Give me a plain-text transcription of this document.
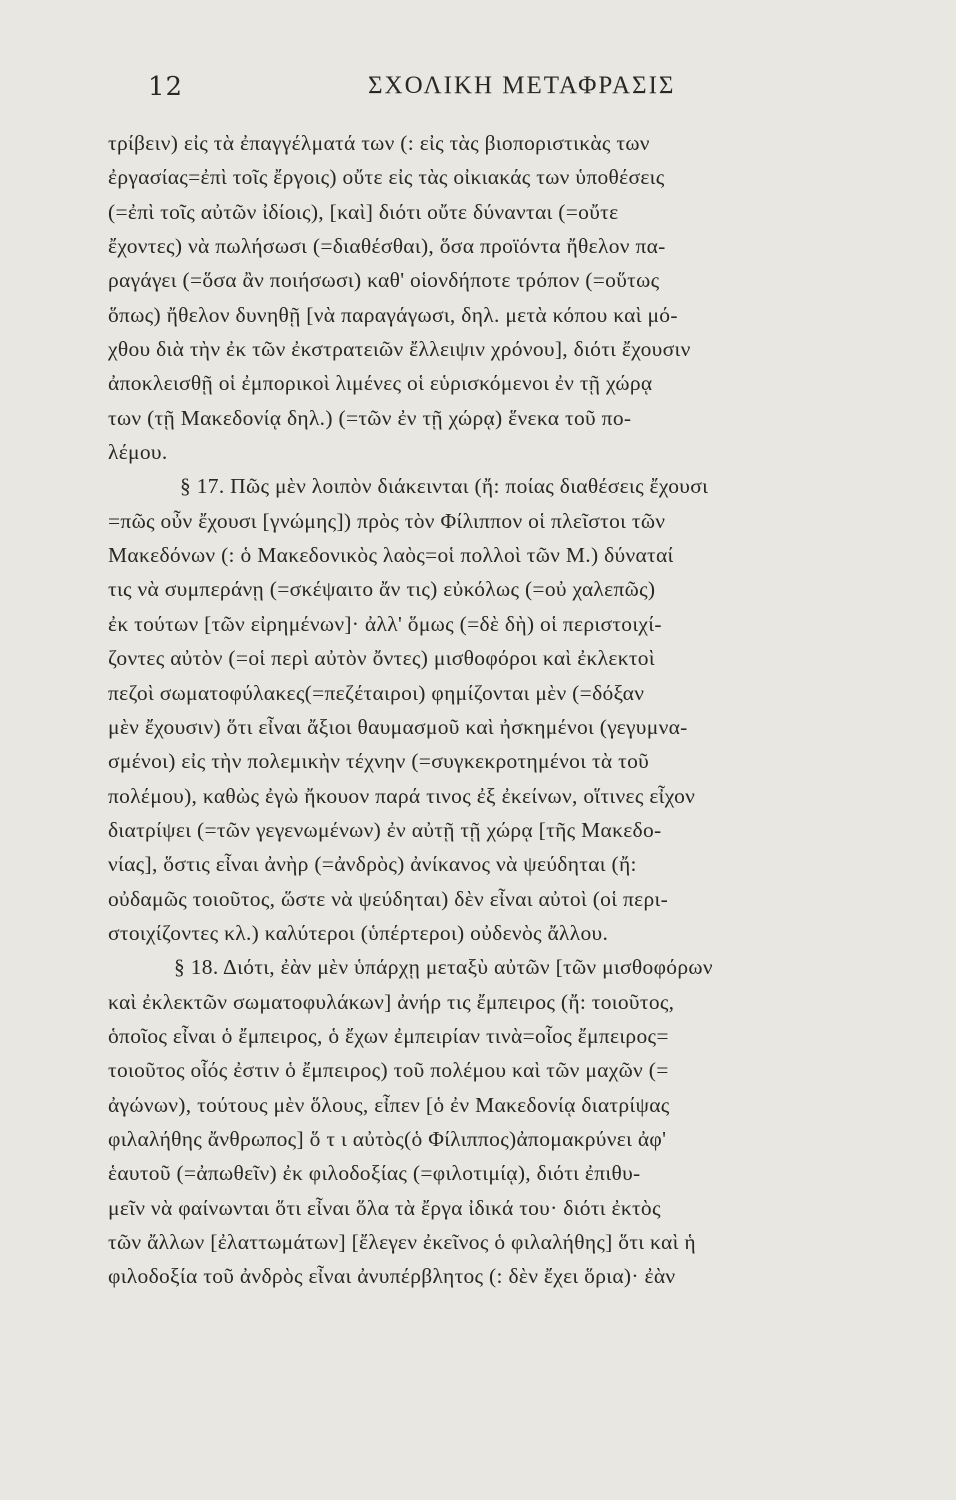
12	ΣΧΟΛΙΚΗ ΜΕΤΑΦΡΑΣΙΣ
τρίβειν) εἰς τὰ ἐπαγγέλματά των (: εἰς τὰς βιοποριστικὰς των
ἐργασίας=ἐπὶ τοῖς ἔργοις) οὔτε εἰς τὰς οἰκιακάς των ὑποθέσεις
(=ἐπὶ τοῖς αὐτῶν ἰδίοις), [καὶ] διότι οὔτε δύνανται (=οὔτε
ἔχοντες) νὰ πωλήσωσι (=διαθέσθαι), ὅσα προϊόντα ἤθελον πα-
ραγάγει (=ὅσα ἂν ποιήσωσι) καθ' οἱονδήποτε τρόπον (=οὕτως
ὅπως) ἤθελον δυνηθῇ [νὰ παραγάγωσι, δηλ. μετὰ κόπου καὶ μό-
χθου διὰ τὴν ἐκ τῶν ἐκστρατειῶν ἔλλειψιν χρόνου], διότι ἔχουσιν
ἀποκλεισθῇ οἱ ἐμπορικοὶ λιμένες οἱ εὑρισκόμενοι ἐν τῇ χώρᾳ
των (τῇ Μακεδονίᾳ δηλ.) (=τῶν ἐν τῇ χώρᾳ) ἕνεκα τοῦ πο-
λέμου.
§ 17. Πῶς μὲν λοιπὸν διάκεινται (ἤ: ποίας διαθέσεις ἔχουσι
=πῶς οὖν ἔχουσι [γνώμης]) πρὸς τὸν Φίλιππον οἱ πλεῖστοι τῶν
Μακεδόνων (: ὁ Μακεδονικὸς λαὸς=οἱ πολλοὶ τῶν Μ.) δύναταί
τις νὰ συμπεράνῃ (=σκέψαιτο ἄν τις) εὐκόλως (=οὐ χαλεπῶς)
ἐκ τούτων [τῶν εἰρημένων]· ἀλλ' ὅμως (=δὲ δὴ) οἱ περιστοιχί-
ζοντες αὐτὸν (=οἱ περὶ αὐτὸν ὄντες) μισθοφόροι καὶ ἐκλεκτοὶ
πεζοὶ σωματοφύλακες(=πεζέταιροι) φημίζονται μὲν (=δόξαν
μὲν ἔχουσιν) ὅτι εἶναι ἄξιοι θαυμασμοῦ καὶ ἠσκημένοι (γεγυμνα-
σμένοι) εἰς τὴν πολεμικὴν τέχνην (=συγκεκροτημένοι τὰ τοῦ
πολέμου), καθὼς ἐγὼ ἤκουον παρά τινος ἐξ ἐκείνων, οἵτινες εἶχον
διατρίψει (=τῶν γεγενωμένων) ἐν αὐτῇ τῇ χώρᾳ [τῆς Μακεδο-
νίας], ὅστις εἶναι ἀνὴρ (=ἀνδρὸς) ἀνίκανος νὰ ψεύδηται (ἤ:
οὐδαμῶς τοιοῦτος, ὥστε νὰ ψεύδηται) δὲν εἶναι αὐτοὶ (οἱ περι-
στοιχίζοντες κλ.) καλύτεροι (ὑπέρτεροι) οὐδενὸς ἄλλου.
§ 18. Διότι, ἐὰν μὲν ὑπάρχῃ μεταξὺ αὐτῶν [τῶν μισθοφόρων
καὶ ἐκλεκτῶν σωματοφυλάκων] ἀνήρ τις ἔμπειρος (ἤ: τοιοῦτος,
ὁποῖος εἶναι ὁ ἔμπειρος, ὁ ἔχων ἐμπειρίαν τινὰ=οἷος ἔμπειρος=
τοιοῦτος οἷός ἐστιν ὁ ἔμπειρος) τοῦ πολέμου καὶ τῶν μαχῶν (=
ἀγώνων), τούτους μὲν ὅλους, εἶπεν [ὁ ἐν Μακεδονίᾳ διατρίψας
φιλαλήθης ἄνθρωπος] ὅ τ ι αὐτὸς(ὁ Φίλιππος)ἀπομακρύνει ἀφ'
ἑαυτοῦ (=ἀπωθεῖν) ἐκ φιλοδοξίας (=φιλοτιμίᾳ), διότι ἐπιθυ-
μεῖν νὰ φαίνωνται ὅτι εἶναι ὅλα τὰ ἔργα ἰδικά του· διότι ἐκτὸς
τῶν ἄλλων [ἐλαττωμάτων] [ἔλεγεν ἐκεῖνος ὁ φιλαλήθης] ὅτι καὶ ἡ
φιλοδοξία τοῦ ἀνδρὸς εἶναι ἀνυπέρβλητος (: δὲν ἔχει ὅρια)· ἐὰν
